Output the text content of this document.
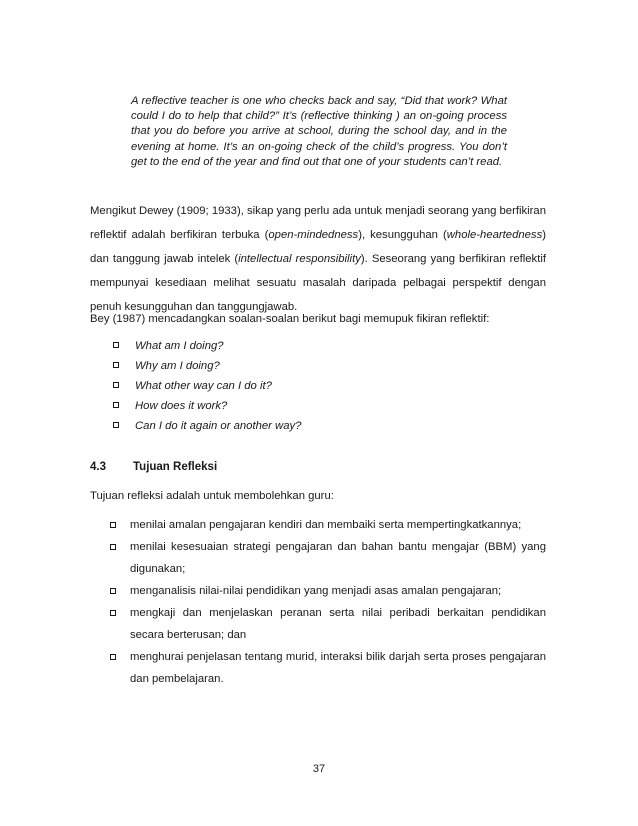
A reflective teacher is one who checks back and say, “Did that work? What could I do to help that child?” It’s (reflective thinking ) an on-going process that you do before you arrive at school, during the school day, and in the evening at home. It’s an on-going check of the child’s progress. You don’t get to the end of the year and find out that one of your students can’t read.
Mengikut Dewey (1909; 1933), sikap yang perlu ada untuk menjadi seorang yang berfikiran reflektif adalah berfikiran terbuka (open-mindedness), kesungguhan (whole-heartedness) dan tanggung jawab intelek (intellectual responsibility). Seseorang yang berfikiran reflektif mempunyai kesediaan melihat sesuatu masalah daripada pelbagai perspektif dengan penuh kesungguhan dan tanggungjawab.
Bey (1987) mencadangkan soalan-soalan berikut bagi memupuk fikiran reflektif:
What am I doing?
Why am I doing?
What other way can I do it?
How does it work?
Can I do it again or another way?
4.3 Tujuan Refleksi
Tujuan refleksi adalah untuk membolehkan guru:
menilai amalan pengajaran kendiri dan membaiki serta mempertingkatkannya;
menilai kesesuaian strategi pengajaran dan bahan bantu mengajar (BBM) yang digunakan;
menganalisis nilai-nilai pendidikan yang menjadi asas amalan pengajaran;
mengkaji dan menjelaskan peranan serta nilai peribadi berkaitan pendidikan secara berterusan; dan
menghurai penjelasan tentang murid, interaksi bilik darjah serta proses pengajaran dan pembelajaran.
37
